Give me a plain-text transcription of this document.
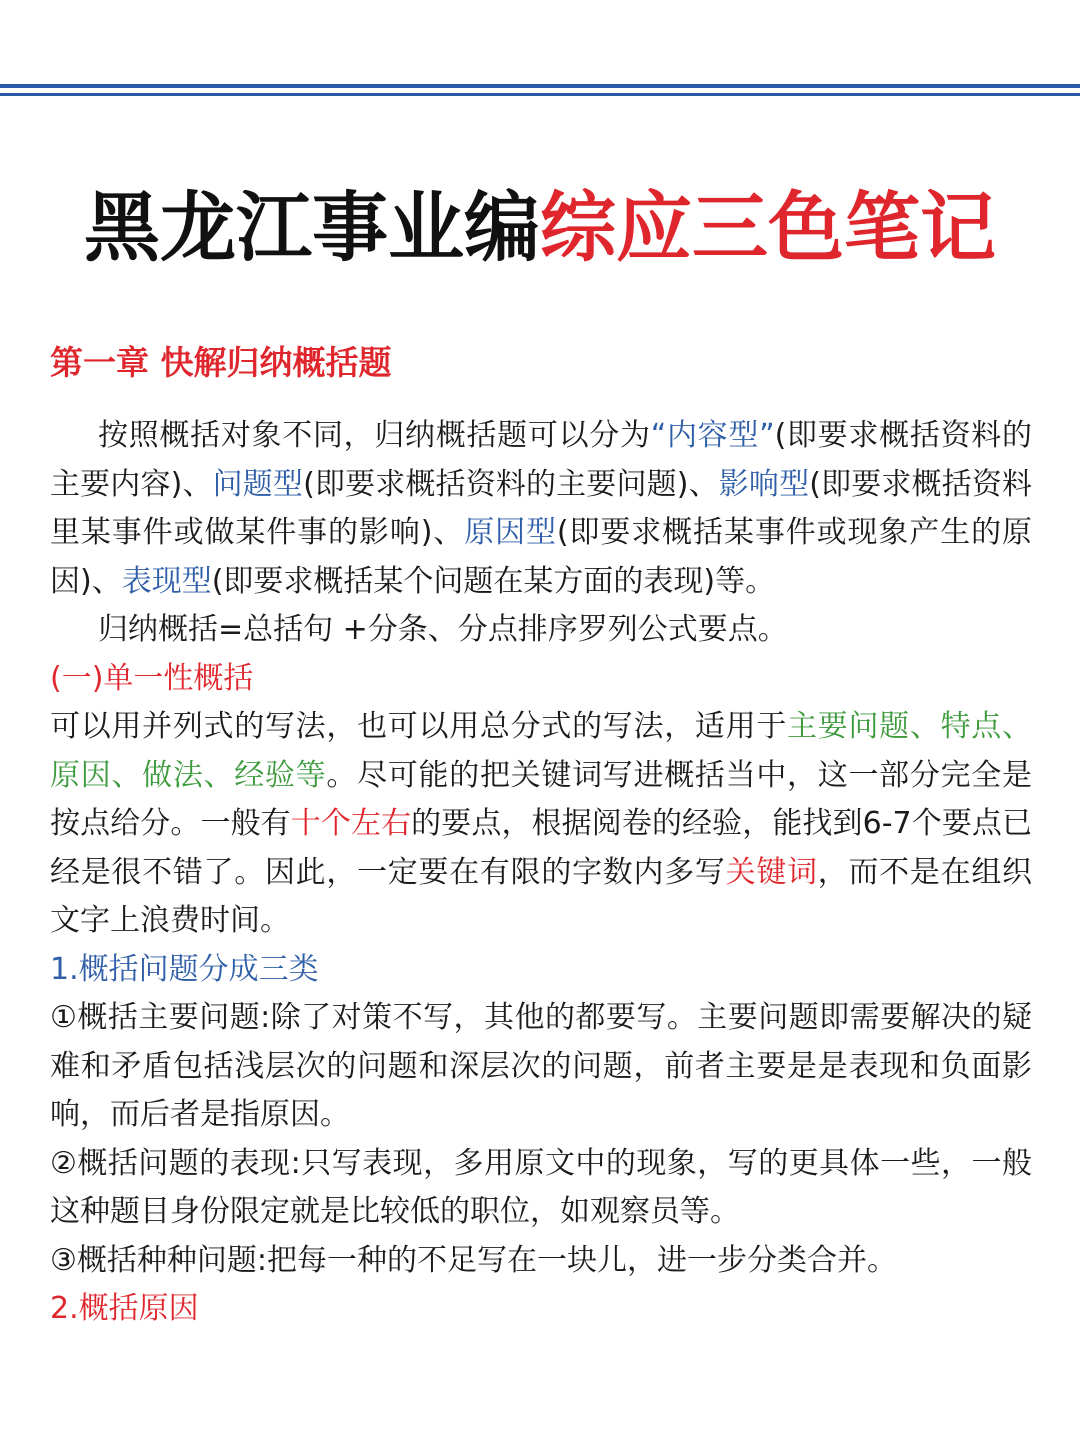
黑龙江事业编综应三色笔记
第一章 快解归纳概括题
按照概括对象不同，归纳概括题可以分为“内容型”(即要求概括资料的主要内容)、问题型(即要求概括资料的主要问题)、影响型(即要求概括资料里某事件或做某件事的影响)、原因型(即要求概括某事件或现象产生的原因)、表现型(即要求概括某个问题在某方面的表现)等。
归纳概括=总括句 +分条、分点排序罗列公式要点。
(一)单一性概括
可以用并列式的写法，也可以用总分式的写法，适用于主要问题、特点、原因、做法、经验等。尽可能的把关键词写进概括当中，这一部分完全是按点给分。一般有十个左右的要点，根据阅卷的经验，能找到6-7个要点已经是很不错了。因此，一定要在有限的字数内多写关键词，而不是在组织文字上浪费时间。
1.概括问题分成三类
①概括主要问题:除了对策不写，其他的都要写。主要问题即需要解决的疑难和矛盾包括浅层次的问题和深层次的问题，前者主要是是表现和负面影响，而后者是指原因。
②概括问题的表现:只写表现，多用原文中的现象，写的更具体一些，一般这种题目身份限定就是比较低的职位，如观察员等。
③概括种种问题:把每一种的不足写在一块儿，进一步分类合并。
2.概括原因
